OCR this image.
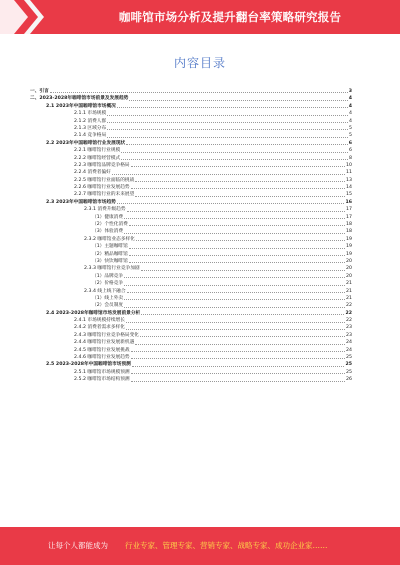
咖啡馆市场分析及提升翻台率策略研究报告
内容目录
一、引言	3
二、2023-2028年咖啡馆市场前景及发展趋势	4
2.1 2023年中国咖啡馆市场概况	4
2.1.1 市场规模	4
2.1.2 消费人群	4
2.1.3 区域分布	5
2.1.4 竞争格局	5
2.2 2023年中国咖啡馆行业发展现状	6
2.2.1 咖啡馆行业规模	6
2.2.2 咖啡馆经营模式	8
2.2.3 咖啡馆品牌竞争格局	10
2.2.4 消费者偏好	11
2.2.5 咖啡馆行业面临的挑战	13
2.2.6 咖啡馆行业发展趋势	14
2.2.7 咖啡馆行业的未来展望	15
2.3 2023年中国咖啡馆市场趋势	16
2.3.1 消费升级趋势	17
（1）健康消费	17
（2）个性化消费	18
（3）体验消费	18
2.3.2 咖啡馆业态多样化	19
（1）主题咖啡馆	19
（2）精品咖啡馆	19
（3）快饮咖啡馆	20
2.3.3 咖啡馆行业竞争加剧	20
（1）品牌竞争	20
（2）价格竞争	21
2.3.4 线上线下融合	21
（1）线上外卖	21
（2）会员制度	22
2.4 2023-2028年咖啡馆市场发展前景分析	22
2.4.1 市场规模持续增长	22
2.4.2 消费者需求多样化	23
2.4.3 咖啡馆行业竞争格局变化	23
2.4.4 咖啡馆行业发展新机遇	24
2.4.5 咖啡馆行业发展挑战	24
2.4.6 咖啡馆行业发展趋势	25
2.5 2023-2028年中国咖啡馆市场预测	25
2.5.1 咖啡馆市场规模预测	25
2.5.2 咖啡馆市场结构预测	26
让每个人都能成为 行业专家、管理专家、营销专家、战略专家、成功企业家……
